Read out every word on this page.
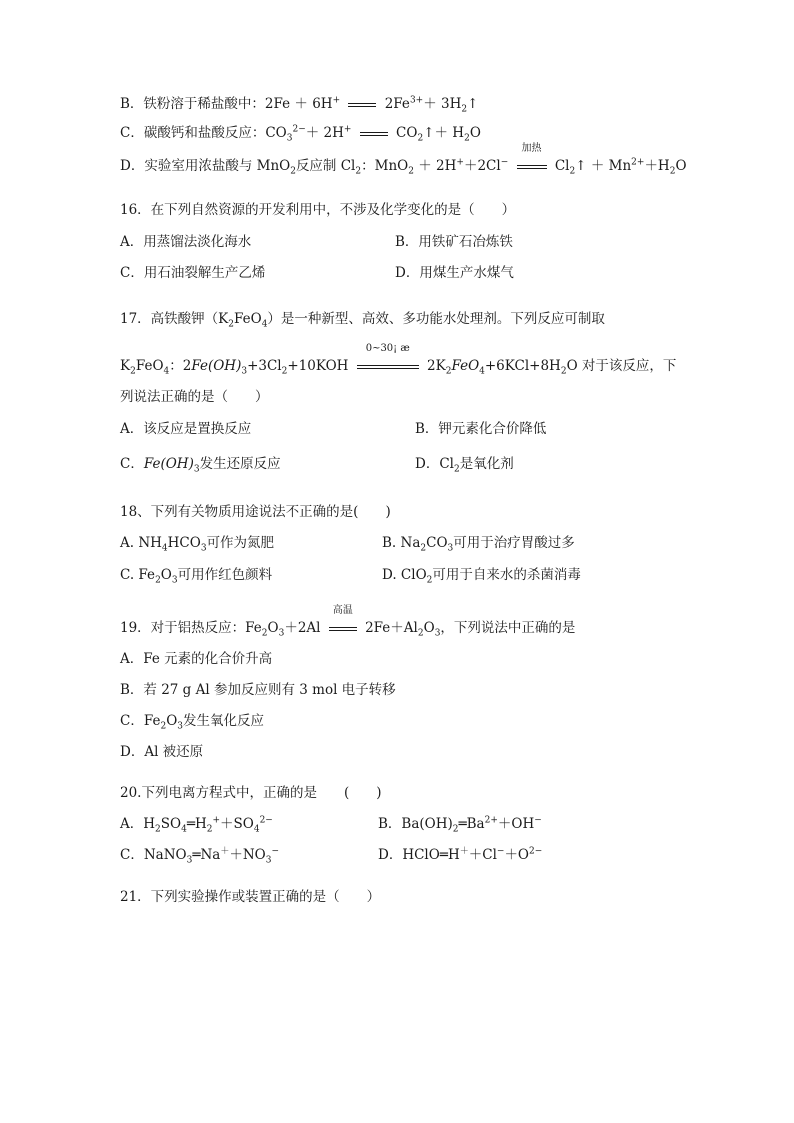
B．铁粉溶于稀盐酸中：2Fe ＋ 6H+	$2Fe^{3+}+$ $3H_2↑$
C．碳酸钙和盐酸反应：$CO_3^{2-}+ 2H^+$	$CO_2↑+ H_2O$
D．实验室用浓盐酸与 MnO$_2$反应制 $Cl_2$：MnO$_2$ ＋ 2H+＋2Cl−
加热
$Cl_2↑ + Mn^{2+}+H_2O$
16．在下列自然资源的开发利用中，不涉及化学变化的是（　　）
A．用蒸馏法淡化海水	B．用铁矿石冶炼铁
C．用石油裂解生产乙烯	D．用煤生产水煤气
17．高铁酸钾$(K_2FeO_4)$是一种新型、高效、多功能水处理剂。下列反应可制取
$K_2FeO_4$：$2Fe(OH)_3+3Cl_2+10KOH$
0~30¡ æ
$2K_2FeO_4+6KCl+8H_2O$ 对于该反应，下
列说法正确的是（　　）
A．该反应是置换反应	B．钾元素化合价降低
C．$Fe(OH)_3$发生还原反应	D．$Cl_2$是氧化剂
18、下列有关物质用途说法不正确的是(　　)
A. $NH_4HCO_3$可作为氮肥	B. $Na_2CO_3$可用于治疗胃酸过多
C. $Fe_2O_3$可用作红色颜料	D. ClO$_2$可用于自来水的杀菌消毒
19．对于铝热反应：$Fe_2O_3+2Al$
高温
$2Fe+Al_2O_3$，下列说法中正确的是
A．Fe 元素的化合价升高
B．若 27 g Al 参加反应则有 3 mol 电子转移
C．$Fe_2O_3$发生氧化反应
D．Al 被还原
20.下列电离方程式中，正确的是　　(　　)
A．$H_2SO_4═H_2^++SO_4^{2-}$	B．$Ba(OH)_2═Ba^{2+}+OH^-$
C．$NaNO_3═Na^++NO_3^-$	D．$HClO═H^++Cl^-+O^{2-}$
21．下列实验操作或装置正确的是（　　）
